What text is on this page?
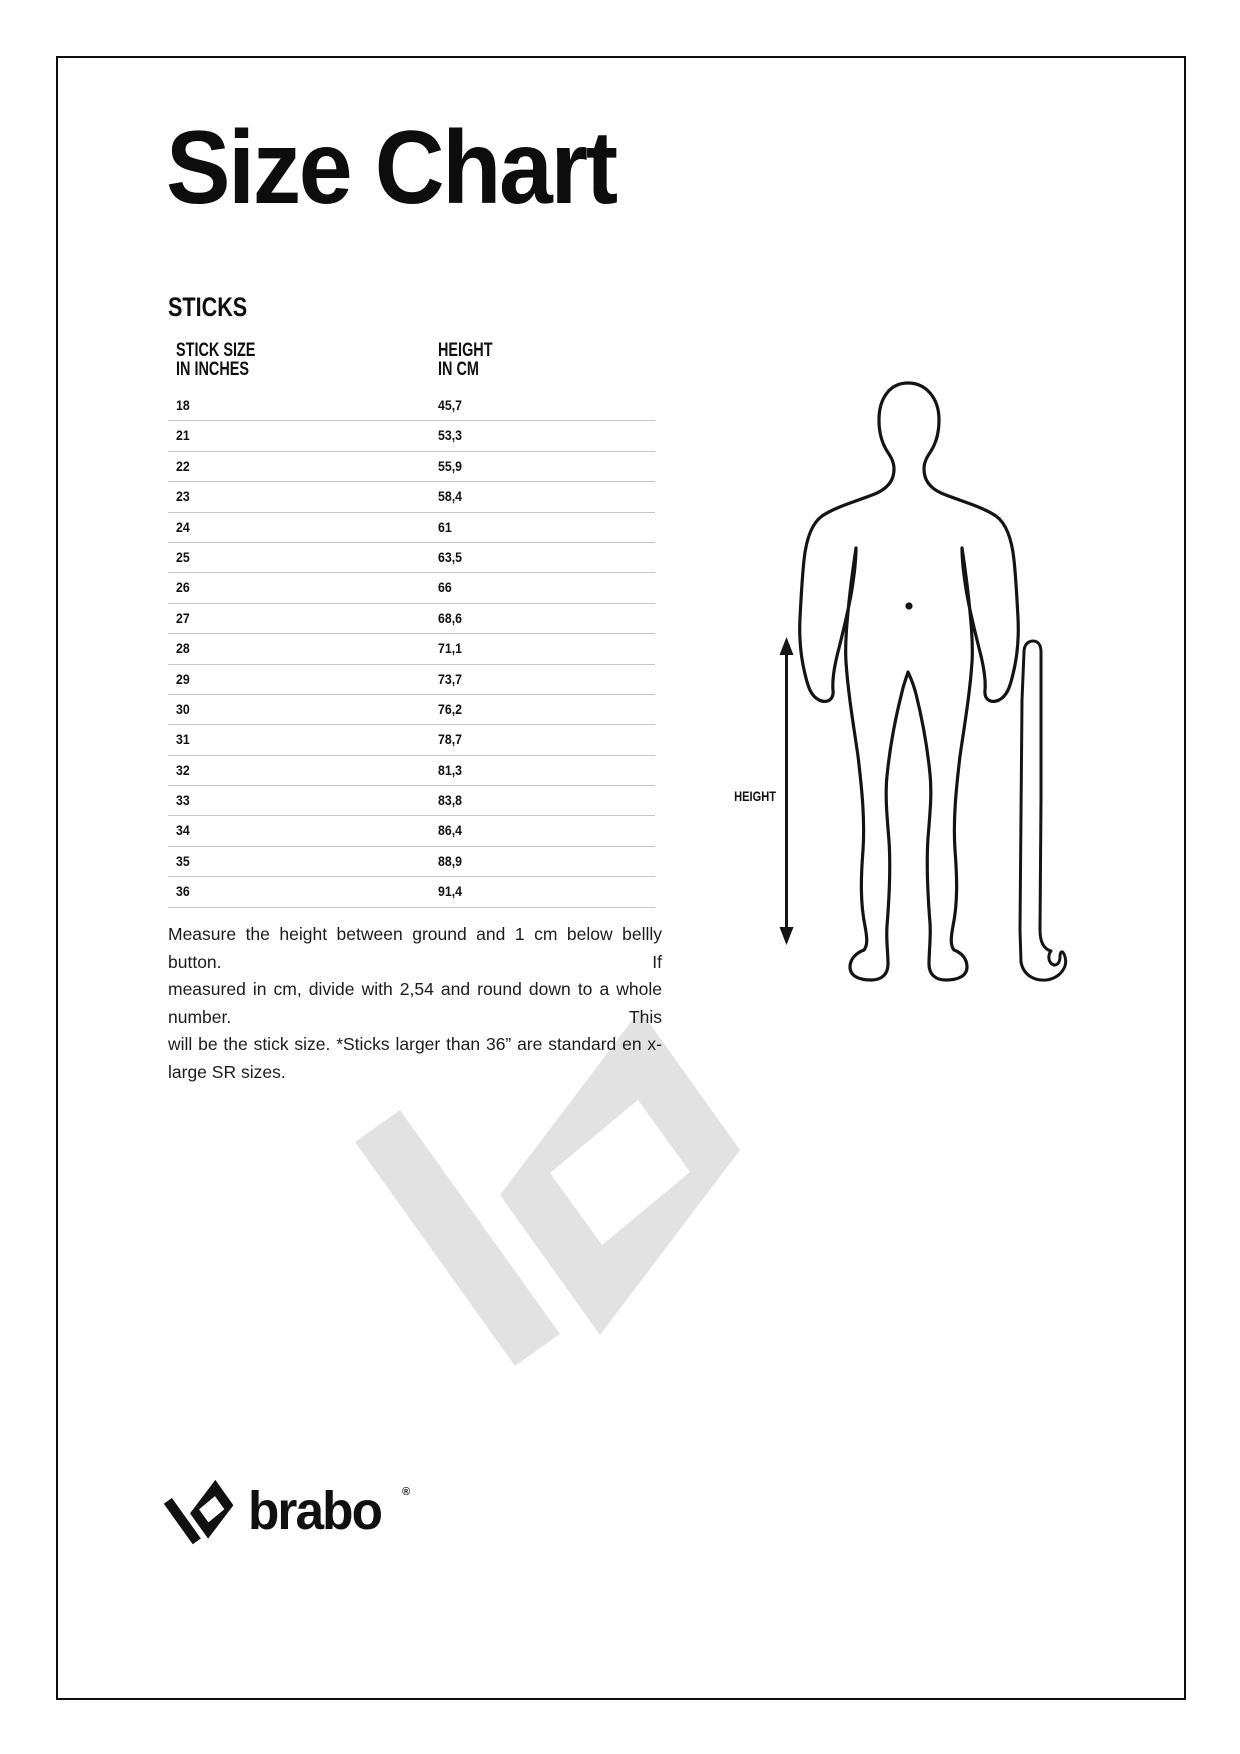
Size Chart
STICKS
STICK SIZE
IN INCHES
HEIGHT
IN CM
18	45,7
21	53,3
22	55,9
23	58,4
24	61
25	63,5
26	66
27	68,6
28	71,1
29	73,7
30	76,2
31	78,7
32	81,3
33	83,8
34	86,4
35	88,9
36	91,4
Measure the height between ground and 1 cm below bellly button. If
measured in cm, divide with 2,54 and round down to a whole number. This
will be the stick size. *Sticks larger than 36” are standard en x-large SR sizes.
HEIGHT
brabo ®
